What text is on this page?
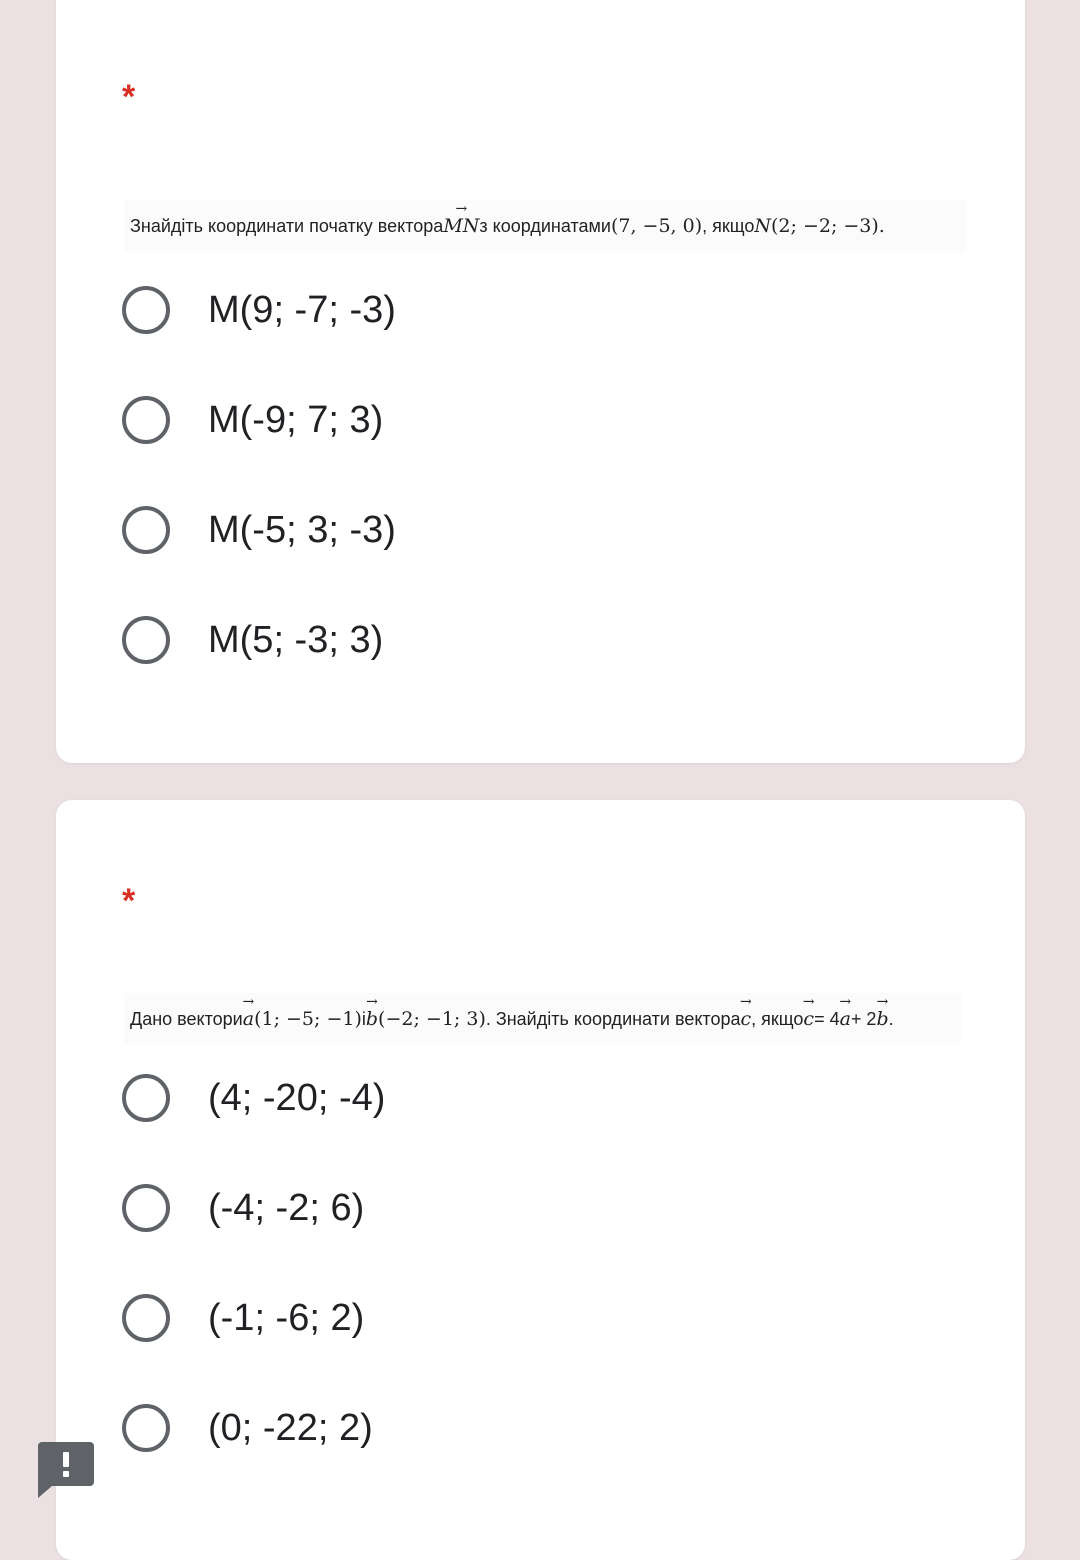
*
Знайдіть координати початку вектора → MN з координатами (7, −5, 0) , якщо N (2; −2; −3).
M(9; -7; -3)
M(-9; 7; 3)
M(-5; 3; -3)
M(5; -3; 3)
*
Дано вектори → a (1; −5; −1) і → b (−2; −1; 3) . Знайдіть координати вектора → c , якщо → c = 4 → a + 2 → b .
(4; -20; -4)
(-4; -2; 6)
(-1; -6; 2)
(0; -22; 2)
